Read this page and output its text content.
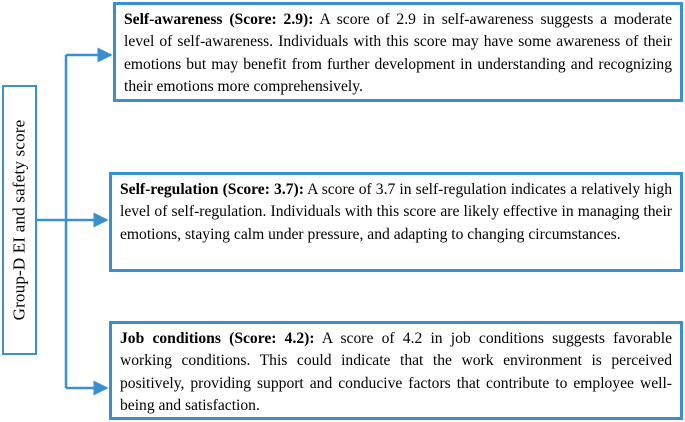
Group-D EI and safety score
Self-awareness (Score: 2.9): A score of 2.9 in self-awareness suggests a moderate level of self-awareness. Individuals with this score may have some awareness of their emotions but may benefit from further development in understanding and recognizing their emotions more comprehensively.
Self-regulation (Score: 3.7): A score of 3.7 in self-regulation indicates a relatively high level of self-regulation. Individuals with this score are likely effective in managing their emotions, staying calm under pressure, and adapting to changing circumstances.
Job conditions (Score: 4.2): A score of 4.2 in job conditions suggests favorable working conditions. This could indicate that the work environment is perceived positively, providing support and conducive factors that contribute to employee well-being and satisfaction.
